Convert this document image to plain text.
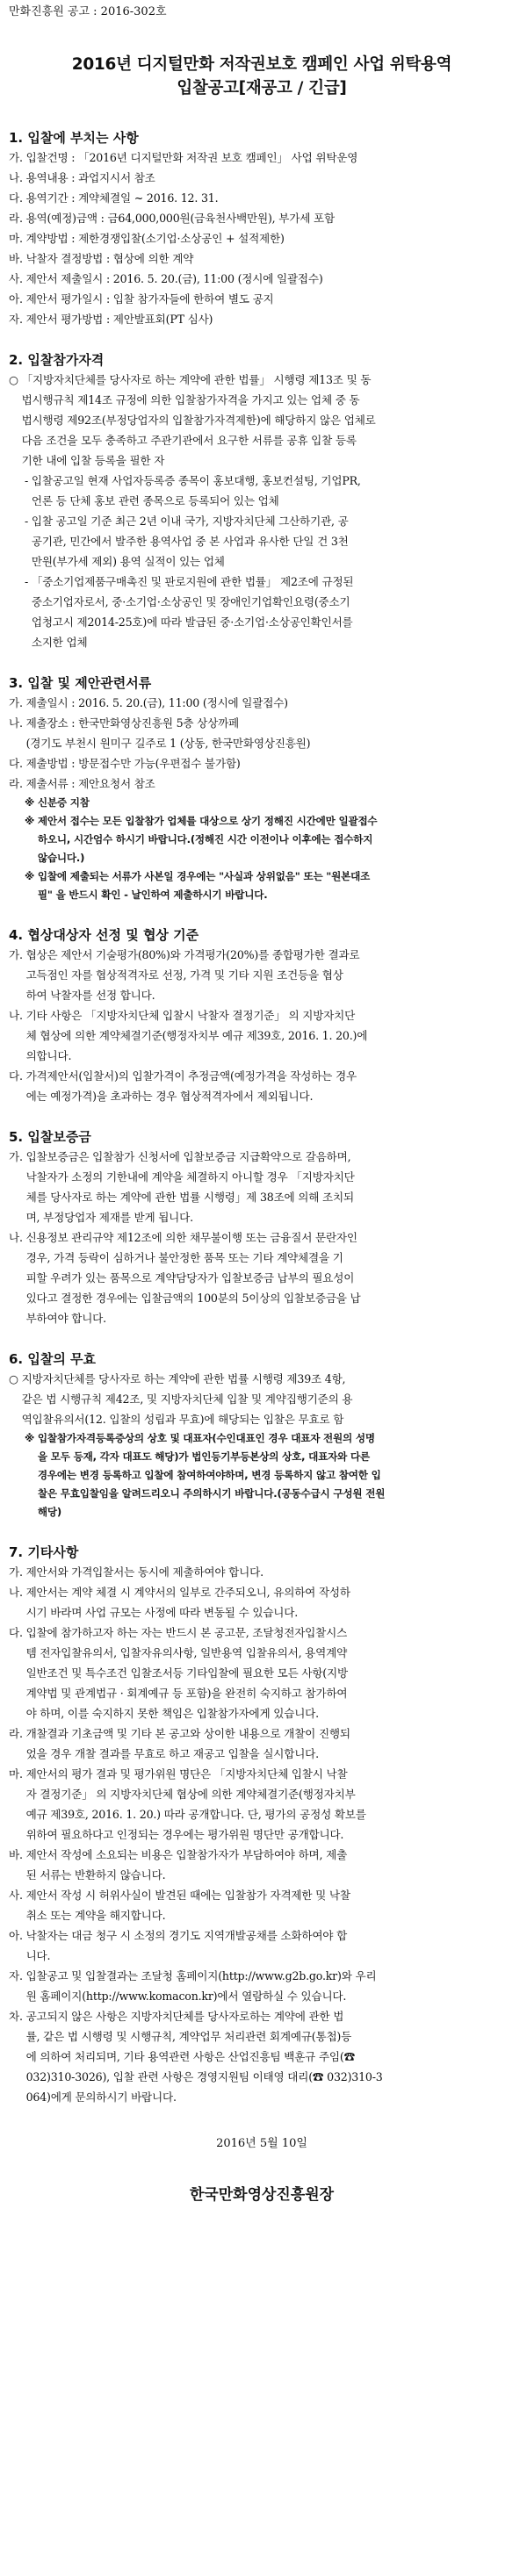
만화진흥원 공고 : 2016-302호
2016년 디지털만화 저작권보호 캠페인 사업 위탁용역
입찰공고[재공고 / 긴급]
1. 입찰에 부치는 사항
가. 입찰건명 : 「2016년 디지털만화 저작권 보호 캠페인」 사업 위탁운영
나. 용역내용 : 과업지시서 참조
다. 용역기간 : 계약체결일 ~ 2016. 12. 31.
라. 용역(예정)금액 : 금64,000,000원(금육천사백만원), 부가세 포함
마. 계약방법 : 제한경쟁입찰(소기업·소상공인 + 설적제한)
바. 낙찰자 결정방법 : 협상에 의한 계약
사. 제안서 제출일시 : 2016. 5. 20.(금), 11:00 (정시에 일괄접수)
아. 제안서 평가일시 : 입찰 참가자들에 한하여 별도 공지
자. 제안서 평가방법 : 제안발표회(PT 심사)
2. 입찰참가자격
○ 「지방자치단체를 당사자로 하는 계약에 관한 법률」 시행령 제13조 및 동
법시행규칙 제14조 규정에 의한 입찰참가자격을 가지고 있는 업체 중 동
법시행령 제92조(부정당업자의 입찰참가자격제한)에 해당하지 않은 업체로
다음 조건을 모두 충족하고 주관기관에서 요구한 서류를 공휴 입찰 등록
기한 내에 입찰 등록을 필한 자
- 입찰공고일 현재 사업자등록증 종목이 홍보대행, 홍보컨설팅, 기업PR,
언론 등 단체 홍보 관련 종목으로 등록되어 있는 업체
- 입찰 공고일 기준 최근 2년 이내 국가, 지방자치단체 그산하기관, 공
공기관, 민간에서 발주한 용역사업 중 본 사업과 유사한 단일 건 3천
만원(부가세 제외) 용역 실적이 있는 업체
- 「중소기업제품구매촉진 및 판로지원에 관한 법률」 제2조에 규정된
중소기업자로서, 중·소기업·소상공인 및 장애인기업확인요령(중소기
업청고시 제2014-25호)에 따라 발급된 중·소기업·소상공인확인서를
소지한 업체
3. 입찰 및 제안관련서류
가. 제출일시 : 2016. 5. 20.(금), 11:00 (정시에 일괄접수)
나. 제출장소 : 한국만화영상진흥원 5층 상상까페
(경기도 부천시 원미구 길주로 1 (상동, 한국만화영상진흥원)
다. 제출방법 : 방문접수만 가능(우편접수 불가함)
라. 제출서류 : 제안요청서 참조
※ 신분증 지참
※ 제안서 접수는 모든 입찰참가 업체를 대상으로 상기 정해진 시간에만 일괄접수
하오니, 시간엄수 하시기 바랍니다.(정해진 시간 이전이나 이후에는 접수하지
않습니다.)
※ 입찰에 제출되는 서류가 사본일 경우에는 "사실과 상위없음" 또는 "원본대조
필" 을 반드시 확인 - 날인하여 제출하시기 바랍니다.
4. 협상대상자 선정 및 협상 기준
가. 협상은 제안서 기술평가(80%)와 가격평가(20%)를 종합평가한 결과로
고득점인 자를 협상적격자로 선정, 가격 및 기타 지원 조건등을 협상
하여 낙찰자를 선정 합니다.
나. 기타 사항은 「지방자치단체 입찰시 낙찰자 결정기준」 의 지방자치단
체 협상에 의한 계약체결기준(행정자치부 예규 제39호, 2016. 1. 20.)에
의합니다.
다. 가격제안서(입찰서)의 입찰가격이 추정금액(예정가격을 작성하는 경우
에는 예정가격)을 초과하는 경우 협상적격자에서 제외됩니다.
5. 입찰보증금
가. 입찰보증금은 입찰참가 신청서에 입찰보증금 지급확약으로 갈음하며,
낙찰자가 소정의 기한내에 계약을 체결하지 아니할 경우 「지방자치단
체를 당사자로 하는 계약에 관한 법률 시행령」제 38조에 의해 조치되
며, 부정당업자 제재를 받게 됩니다.
나. 신용정보 관리규약 제12조에 의한 채무불이행 또는 금융질서 문란자인
경우, 가격 등락이 심하거나 불안정한 품목 또는 기타 계약체결을 기
피할 우려가 있는 품목으로 계약담당자가 입찰보증금 납부의 필요성이
있다고 결정한 경우에는 입찰금액의 100분의 5이상의 입찰보증금을 납
부하여야 합니다.
6. 입찰의 무효
○ 지방자치단체를 당사자로 하는 계약에 관한 법률 시행령 제39조 4항,
같은 법 시행규칙 제42조, 및 지방자치단체 입찰 및 계약집행기준의 용
역입찰유의서(12. 입찰의 성립과 무효)에 해당되는 입찰은 무효로 함
※ 입찰참가자격등록증상의 상호 및 대표자(수인대표인 경우 대표자 전원의 성명
을 모두 등재, 각자 대표도 해당)가 법인등기부등본상의 상호, 대표자와 다른
경우에는 변경 등록하고 입찰에 참여하여야하며, 변경 등록하지 않고 참여한 입
찰은 무효입찰임을 알려드리오니 주의하시기 바랍니다.(공동수급시 구성원 전원
해당)
7. 기타사항
가. 제안서와 가격입찰서는 동시에 제출하여야 합니다.
나. 제안서는 계약 체결 시 계약서의 일부로 간주되오니, 유의하여 작성하
시기 바라며 사업 규모는 사정에 따라 변동될 수 있습니다.
다. 입찰에 참가하고자 하는 자는 반드시 본 공고문, 조달청전자입찰시스
템 전자입찰유의서, 입찰자유의사항, 일반용역 입찰유의서, 용역계약
일반조건 및 특수조건 입찰조서등 기타입찰에 필요한 모든 사항(지방
계약법 및 관계법규 · 회계예규 등 포함)을 완전히 숙지하고 참가하여
야 하며, 이를 숙지하지 못한 책임은 입찰참가자에게 있습니다.
라. 개찰결과 기초금액 및 기타 본 공고와 상이한 내용으로 개찰이 진행되
었을 경우 개찰 결과를 무효로 하고 재공고 입찰을 실시합니다.
마. 제안서의 평가 결과 및 평가위원 명단은 「지방자치단체 입찰시 낙찰
자 결정기준」 의 지방자치단체 협상에 의한 계약체결기준(행정자치부
예규 제39호, 2016. 1. 20.) 따라 공개합니다. 단, 평가의 공정성 확보를
위하여 필요하다고 인정되는 경우에는 평가위원 명단만 공개합니다.
바. 제안서 작성에 소요되는 비용은 입찰참가자가 부담하여야 하며, 제출
된 서류는 반환하지 않습니다.
사. 제안서 작성 시 허위사실이 발견된 때에는 입찰참가 자격제한 및 낙찰
취소 또는 계약을 해지합니다.
아. 낙찰자는 대금 청구 시 소정의 경기도 지역개발공채를 소화하여야 합
니다.
자. 입찰공고 및 입찰결과는 조달청 홈페이지(http://www.g2b.go.kr)와 우리
원 홈페이지(http://www.komacon.kr)에서 열람하실 수 있습니다.
차. 공고되지 않은 사항은 지방자치단체를 당사자로하는 계약에 관한 법
률, 같은 법 시행령 및 시행규칙, 계약업무 처리관련 회계예규(통첩)등
에 의하여 처리되며, 기타 용역관련 사항은 산업진흥팀 백훈규 주임(☎
032)310-3026), 입찰 관련 사항은 경영지원팀 이태영 대리(☎ 032)310-3
064)에게 문의하시기 바랍니다.
2016년 5월 10일
한국만화영상진흥원장
